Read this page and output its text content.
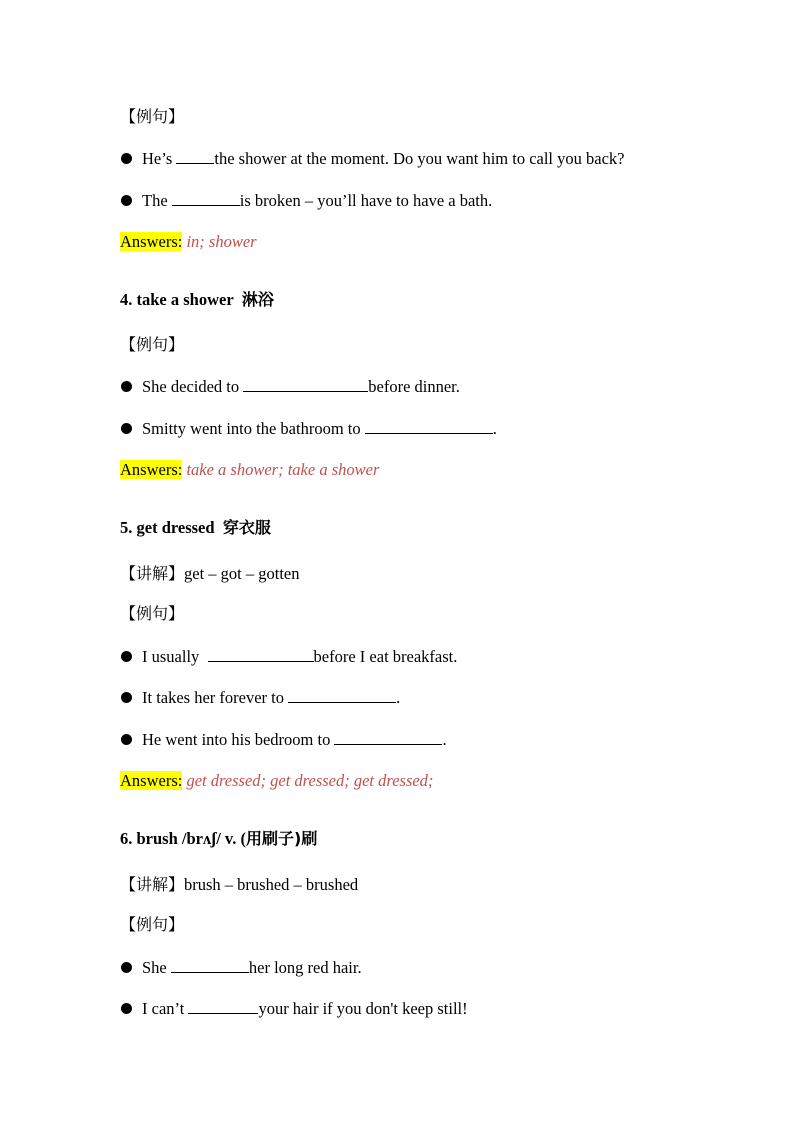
【例句】
He’s the shower at the moment. Do you want him to call you back?
The	is broken – you’ll have to have a bath.
Answers: in; shower
4. take a shower 淋浴
【例句】
She decided to	before dinner.
Smitty went into the bathroom to	.
Answers: take a shower; take a shower
5. get dressed 穿衣服
【讲解】get – got – gotten
【例句】
I usually	before I eat breakfast.
It takes her forever to	.
He went into his bedroom to	.
Answers: get dressed; get dressed; get dressed;
6. brush /brʌʃ/ v. (用刷子)刷
【讲解】brush – brushed – brushed
【例句】
She	her long red hair.
I can’t	your hair if you don't keep still!
